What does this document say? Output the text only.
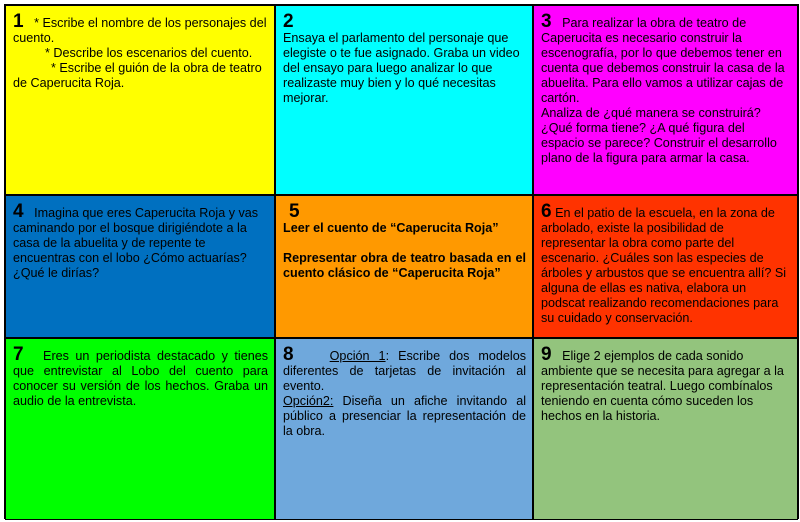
1 * Escribe el nombre de los personajes del cuento.

* Describe los escenarios del cuento.

* Escribe el guión de la obra de teatro de Caperucita Roja.

2

Ensaya el parlamento del personaje que elegiste o te fue asignado. Graba un video del ensayo para luego analizar lo que realizaste muy bien y lo qué necesitas mejorar.

3 Para realizar la obra de teatro de Caperucita es necesario construir la escenografía, por lo que debemos tener en cuenta que debemos construir la casa de la abuelita. Para ello vamos a utilizar cajas de cartón.

Analiza de ¿qué manera se construirá? ¿Qué forma tiene? ¿A qué figura del espacio se parece? Construir el desarrollo plano de la figura para armar la casa.

4 Imagina que eres Caperucita Roja y vas caminando por el bosque dirigiéndote a la casa de la abuelita y de repente te encuentras con el lobo ¿Cómo actuarías? ¿Qué le dirías?

5

Leer el cuento de “Caperucita Roja”

Representar obra de teatro basada en el cuento clásico de “Caperucita Roja”

6 En el patio de la escuela, en la zona de arbolado, existe la posibilidad de representar la obra como parte del escenario. ¿Cuáles son las especies de árboles y arbustos que se encuentra allí? Si alguna de ellas es nativa, elabora un podscat realizando recomendaciones para su cuidado y conservación.

7 Eres un periodista destacado y tienes que entrevistar al Lobo del cuento para conocer su versión de los hechos. Graba un audio de la entrevista.

8	Opción 1: Escribe dos modelos diferentes de tarjetas de invitación al evento.

Opción2: Diseña un afiche invitando al público a presenciar la representación de la obra.

9 Elige 2 ejemplos de cada sonido ambiente que se necesita para agregar a la representación teatral. Luego combínalos teniendo en cuenta cómo suceden los hechos en la historia.
